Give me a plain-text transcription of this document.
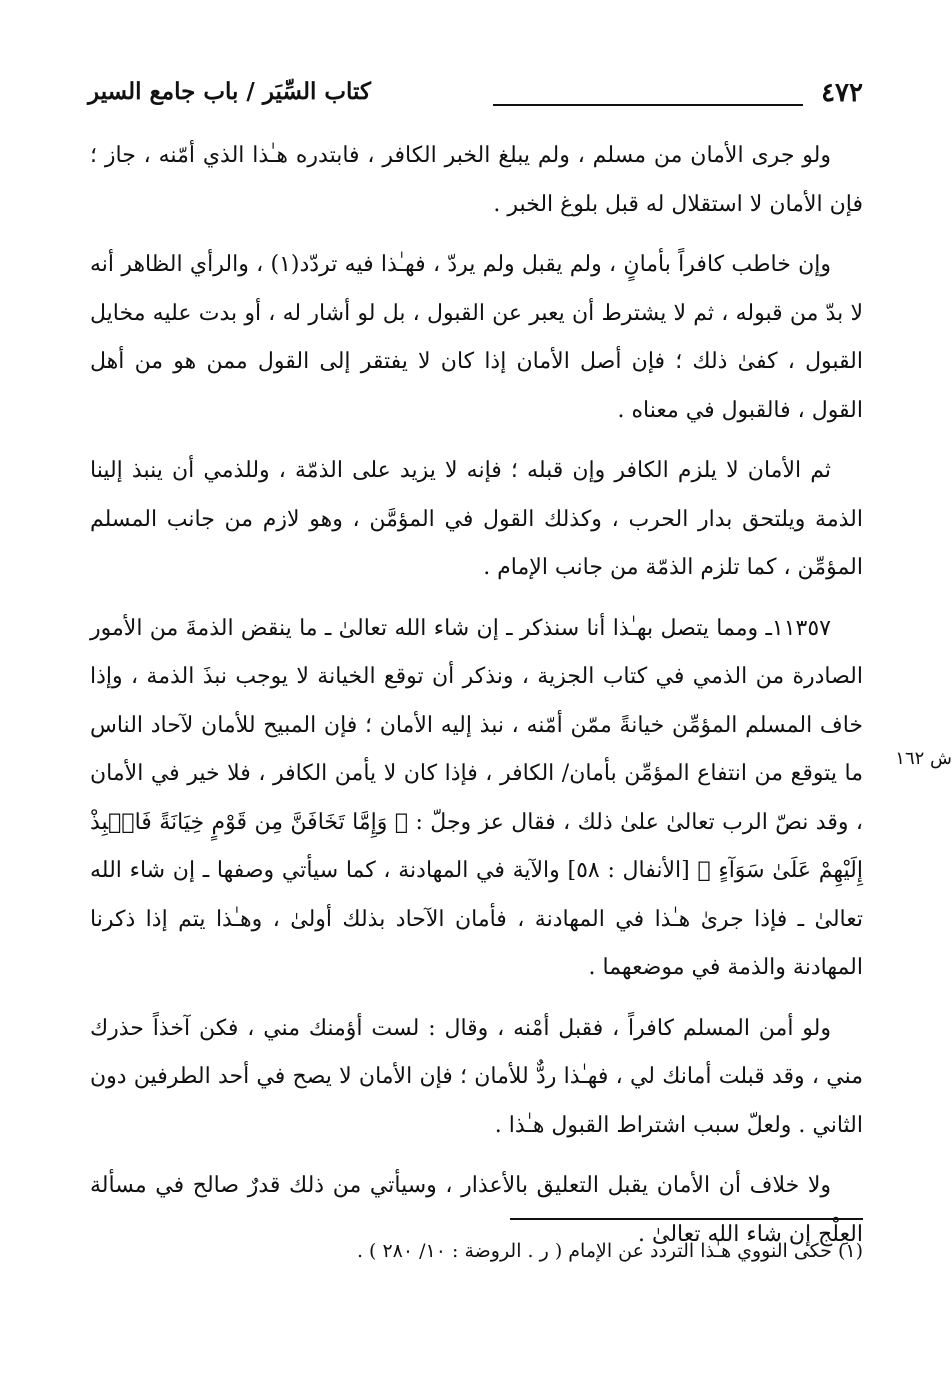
٤٧٢
كتاب السِّيَر / باب جامع السير

ولو جرى الأمان من مسلم ، ولم يبلغ الخبر الكافر ، فابتدره هـٰذا الذي أمّنه ، جاز ؛ فإن الأمان لا استقلال له قبل بلوغ الخبر .

وإن خاطب كافراً بأمانٍ ، ولم يقبل ولم يردّ ، فهـٰذا فيه تردّد(١) ، والرأي الظاهر أنه لا بدّ من قبوله ، ثم لا يشترط أن يعبر عن القبول ، بل لو أشار له ، أو بدت عليه مخايل القبول ، كفىٰ ذلك ؛ فإن أصل الأمان إذا كان لا يفتقر إلى القول ممن هو من أهل القول ، فالقبول في معناه .

ثم الأمان لا يلزم الكافر وإن قبله ؛ فإنه لا يزيد على الذمّة ، وللذمي أن ينبذ إلينا الذمة ويلتحق بدار الحرب ، وكذلك القول في المؤمَّن ، وهو لازم من جانب المسلم المؤمِّن ، كما تلزم الذمّة من جانب الإمام .

١١٣٥٧ـ ومما يتصل بهـٰذا أنا سنذكر ـ إن شاء الله تعالىٰ ـ ما ينقض الذمةَ من الأمور الصادرة من الذمي في كتاب الجزية ، ونذكر أن توقع الخيانة لا يوجب نبذَ الذمة ، وإذا خاف المسلم المؤمِّن خيانةً ممّن أمّنه ، نبذ إليه الأمان ؛ فإن المبيح للأمان لآحاد الناس ما يتوقع من انتفاع المؤمِّن بأمان/ الكافر ، فإذا كان لا يأمن الكافر ، فلا خير في الأمان ، وقد نصّ الرب تعالىٰ علىٰ ذلك ، فقال عز وجلّ : ﴿ وَإِمَّا تَخَافَنَّ مِن قَوْمٍ خِيَانَةً فَانۢبِذْ إِلَيْهِمْ عَلَىٰ سَوَآءٍ ﴾ [الأنفال : ٥٨] والآية في المهادنة ، كما سيأتي وصفها ـ إن شاء الله تعالىٰ ـ فإذا جرىٰ هـٰذا في المهادنة ، فأمان الآحاد بذلك أولىٰ ، وهـٰذا يتم إذا ذكرنا المهادنة والذمة في موضعهما .

ولو أمن المسلم كافراً ، فقبل أمْنه ، وقال : لست أؤمنك مني ، فكن آخذاً حذرك مني ، وقد قبلت أمانك لي ، فهـٰذا ردٌّ للأمان ؛ فإن الأمان لا يصح في أحد الطرفين دون الثاني . ولعلّ سبب اشتراط القبول هـٰذا .

ولا خلاف أن الأمان يقبل التعليق بالأعذار ، وسيأتي من ذلك قدرٌ صالح في مسألة العِلْج إن شاء الله تعالىٰ .

ش ١٦٢
(١) حكى النووي هـٰذا التردد عن الإمام ( ر . الروضة : ١٠/ ٢٨٠ ) .
